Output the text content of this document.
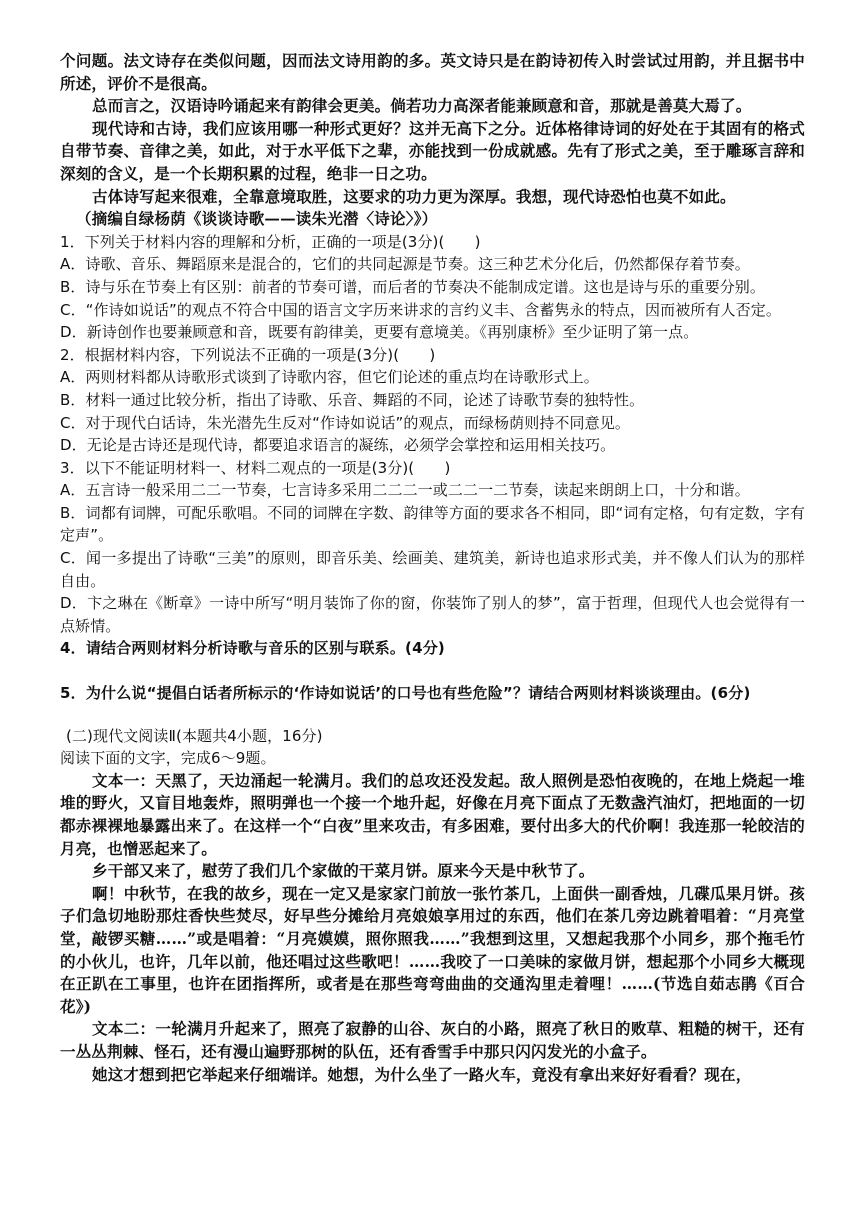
个问题。法文诗存在类似问题，因而法文诗用韵的多。英文诗只是在韵诗初传入时尝试过用韵，并且据书中所述，评价不是很高。

总而言之，汉语诗吟诵起来有韵律会更美。倘若功力高深者能兼顾意和音，那就是善莫大焉了。

现代诗和古诗，我们应该用哪一种形式更好？这并无高下之分。近体格律诗词的好处在于其固有的格式自带节奏、音律之美，如此，对于水平低下之辈，亦能找到一份成就感。先有了形式之美，至于雕琢言辞和深刻的含义，是一个长期积累的过程，绝非一日之功。

古体诗写起来很难，全靠意境取胜，这要求的功力更为深厚。我想，现代诗恐怕也莫不如此。

（摘编自绿杨荫《谈谈诗歌——读朱光潜〈诗论〉》）

1．下列关于材料内容的理解和分析，正确的一项是(3分)(　　)

A．诗歌、音乐、舞蹈原来是混合的，它们的共同起源是节奏。这三种艺术分化后，仍然都保存着节奏。

B．诗与乐在节奏上有区别：前者的节奏可谱，而后者的节奏决不能制成定谱。这也是诗与乐的重要分别。

C．“作诗如说话”的观点不符合中国的语言文字历来讲求的言约义丰、含蓄隽永的特点，因而被所有人否定。

D．新诗创作也要兼顾意和音，既要有韵律美，更要有意境美。《再别康桥》至少证明了第一点。

2．根据材料内容，下列说法不正确的一项是(3分)(　　)

A．两则材料都从诗歌形式谈到了诗歌内容，但它们论述的重点均在诗歌形式上。

B．材料一通过比较分析，指出了诗歌、乐音、舞蹈的不同，论述了诗歌节奏的独特性。

C．对于现代白话诗，朱光潜先生反对“作诗如说话”的观点，而绿杨荫则持不同意见。

D．无论是古诗还是现代诗，都要追求语言的凝练，必须学会掌控和运用相关技巧。

3．以下不能证明材料一、材料二观点的一项是(3分)(　　)

A．五言诗一般采用二二一节奏，七言诗多采用二二二一或二二一二节奏，读起来朗朗上口，十分和谐。

B．词都有词牌，可配乐歌唱。不同的词牌在字数、韵律等方面的要求各不相同，即“词有定格，句有定数，字有定声”。

C．闻一多提出了诗歌“三美”的原则，即音乐美、绘画美、建筑美，新诗也追求形式美，并不像人们认为的那样自由。

D．卞之琳在《断章》一诗中所写“明月装饰了你的窗，你装饰了别人的梦”，富于哲理，但现代人也会觉得有一点矫情。

4．请结合两则材料分析诗歌与音乐的区别与联系。(4分)

5．为什么说“提倡白话者所标示的‘作诗如说话’的口号也有些危险”？请结合两则材料谈谈理由。(6分)

(二)现代文阅读Ⅱ(本题共4小题，16分)

阅读下面的文字，完成6～9题。

文本一：天黑了，天边涌起一轮满月。我们的总攻还没发起。敌人照例是恐怕夜晚的，在地上烧起一堆堆的野火，又盲目地轰炸，照明弹也一个接一个地升起，好像在月亮下面点了无数盏汽油灯，把地面的一切都赤裸裸地暴露出来了。在这样一个“白夜”里来攻击，有多困难，要付出多大的代价啊！我连那一轮皎洁的月亮，也憎恶起来了。

乡干部又来了，慰劳了我们几个家做的干菜月饼。原来今天是中秋节了。

啊！中秋节，在我的故乡，现在一定又是家家门前放一张竹茶几，上面供一副香烛，几碟瓜果月饼。孩子们急切地盼那炷香快些焚尽，好早些分摊给月亮娘娘享用过的东西，他们在茶几旁边跳着唱着：“月亮堂堂，敲锣买糖……”或是唱着：“月亮嫫嫫，照你照我……”我想到这里，又想起我那个小同乡，那个拖毛竹的小伙儿，也许，几年以前，他还唱过这些歌吧！……我咬了一口美味的家做月饼，想起那个小同乡大概现在正趴在工事里，也许在团指挥所，或者是在那些弯弯曲曲的交通沟里走着哩！……(节选自茹志鹃《百合花》)

文本二：一轮满月升起来了，照亮了寂静的山谷、灰白的小路，照亮了秋日的败草、粗糙的树干，还有一丛丛荆棘、怪石，还有漫山遍野那树的队伍，还有香雪手中那只闪闪发光的小盒子。

她这才想到把它举起来仔细端详。她想，为什么坐了一路火车，竟没有拿出来好好看看？现在，
